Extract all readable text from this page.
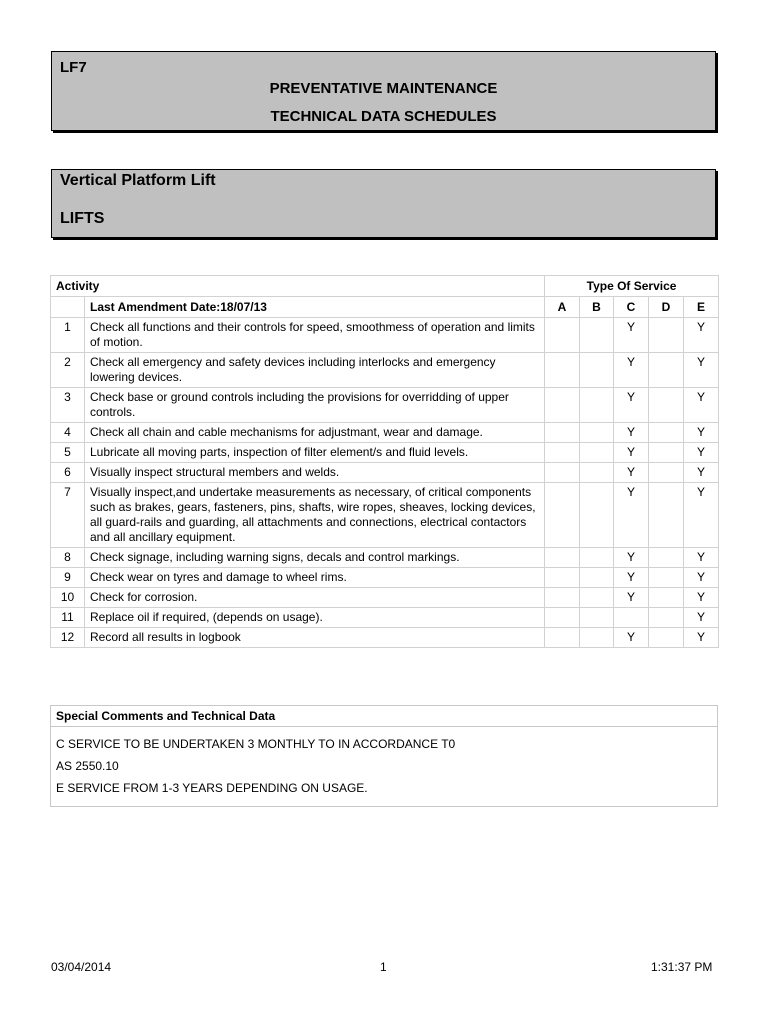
LF7
PREVENTATIVE MAINTENANCE
TECHNICAL DATA SCHEDULES
Vertical Platform Lift
LIFTS
Activity		Type Of Service				
	Last Amendment Date:18/07/13	A	B	C	D	E
1	Check all functions and their controls for speed, smoothmess of operation and limits of motion.			Y		Y
2	Check all emergency and safety devices including interlocks and emergency lowering devices.			Y		Y
3	Check base or ground controls including the provisions for overridding of upper controls.			Y		Y
4	Check all chain and cable mechanisms for adjustmant, wear and damage.			Y		Y
5	Lubricate all moving parts, inspection of filter element/s and fluid levels.			Y		Y
6	Visually inspect structural members and welds.			Y		Y
7	Visually inspect,and undertake measurements as necessary, of critical components such as brakes, gears, fasteners, pins, shafts, wire ropes, sheaves, locking devices, all guard-rails and guarding, all attachments and connections, electrical contactors and all ancillary equipment.			Y		Y
8	Check signage, including warning signs, decals and control markings.			Y		Y
9	Check wear on tyres and damage to wheel rims.			Y		Y
10	Check for corrosion.			Y		Y
11	Replace oil if required, (depends on usage).					Y
12	Record all results in logbook			Y		Y
Special Comments and Technical Data
C SERVICE TO BE UNDERTAKEN 3 MONTHLY TO IN ACCORDANCE T0
AS 2550.10
E SERVICE FROM 1-3 YEARS DEPENDING ON USAGE.
03/04/2014	1	1:31:37 PM
